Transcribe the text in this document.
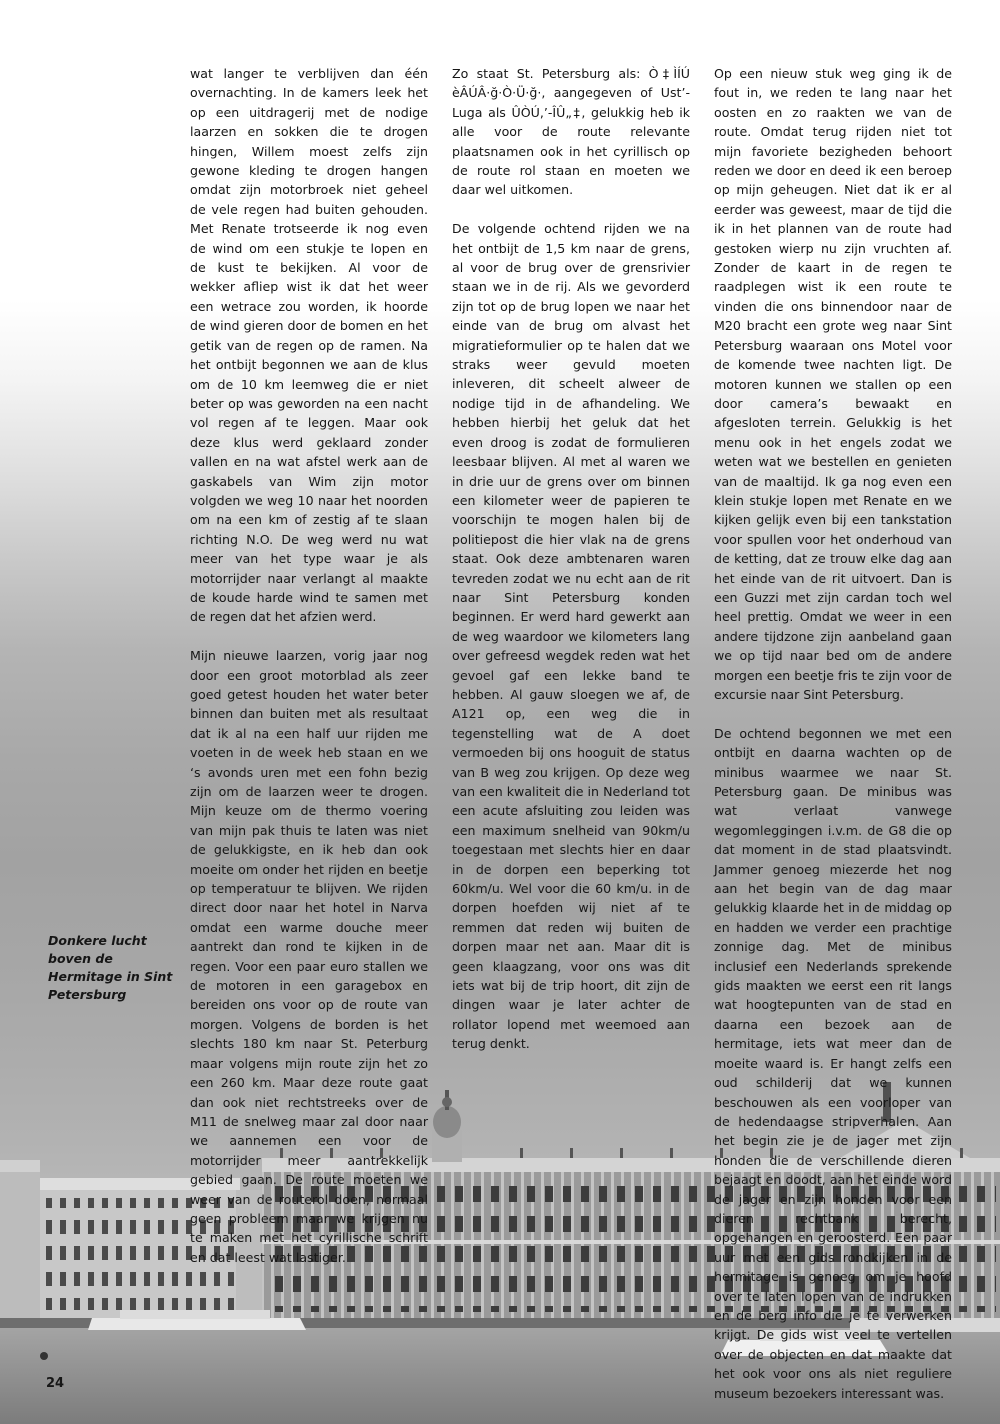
wat langer te verblijven dan één overnachting. In de kamers leek het op een uitdragerij met de nodige laarzen en sokken die te drogen hingen, Willem moest zelfs zijn gewone kleding te drogen hangen omdat zijn motorbroek niet geheel de vele regen had buiten gehouden. Met Renate trotseerde ik nog even de wind om een stukje te lopen en de kust te bekijken. Al voor de wekker afliep wist ik dat het weer een wetrace zou worden, ik hoorde de wind gieren door de bomen en het getik van de regen op de ramen. Na het ontbijt begonnen we aan de klus om de 10 km leemweg die er niet beter op was geworden na een nacht vol regen af te leggen. Maar ook deze klus werd geklaard zonder vallen en na wat afstel werk aan de gaskabels van Wim zijn motor volgden we weg 10 naar het noorden om na een km of zestig af te slaan richting N.O. De weg werd nu wat meer van het type waar je als motorrijder naar verlangt al maakte de koude harde wind te samen met de regen dat het afzien werd.

Mijn nieuwe laarzen, vorig jaar nog door een groot motorblad als zeer goed getest houden het water beter binnen dan buiten met als resultaat dat ik al na een half uur rijden me voeten in de week heb staan en we ‘s avonds uren met een fohn bezig zijn om de laarzen weer te drogen. Mijn keuze om de thermo voering van mijn pak thuis te laten was niet de gelukkigste, en ik heb dan ook moeite om onder het rijden en beetje op temperatuur te blijven. We rijden direct door naar het hotel in Narva omdat een warme douche meer aantrekt dan rond te kijken in de regen. Voor een paar euro stallen we de motoren in een garagebox en bereiden ons voor op de route van morgen. Volgens de borden is het slechts 180 km naar St. Peterburg maar volgens mijn route zijn het zo een 260 km. Maar deze route gaat dan ook niet rechtstreeks over de M11 de snelweg maar zal door naar we aannemen een voor de motorrijder meer aantrekkelijk gebied gaan. De route moeten we weer van de routerol doen, normaal geen probleem maar we krijgen nu te maken met het cyrillische schrift en dat leest wat lastiger.

Zo staat St. Petersburg als: Ò‡ÌÍÚ èÂÚÂ·ğ·Ò·Ü·ğ·, aangegeven of Ust’-Luga als ÛÒÚ,’-ÎÛ„‡, gelukkig heb ik alle voor de route relevante plaatsnamen ook in het cyrillisch op de route rol staan en moeten we daar wel uitkomen.

De volgende ochtend rijden we na het ontbijt de 1,5 km naar de grens, al voor de brug over de grensrivier staan we in de rij. Als we gevorderd zijn tot op de brug lopen we naar het einde van de brug om alvast het migratieformulier op te halen dat we straks weer gevuld moeten inleveren, dit scheelt alweer de nodige tijd in de afhandeling. We hebben hierbij het geluk dat het even droog is zodat de formulieren leesbaar blijven. Al met al waren we in drie uur de grens over om binnen een kilometer weer de papieren te voorschijn te mogen halen bij de politiepost die hier vlak na de grens staat. Ook deze ambtenaren waren tevreden zodat we nu echt aan de rit naar Sint Petersburg konden beginnen. Er werd hard gewerkt aan de weg waardoor we kilometers lang over gefreesd wegdek reden wat het gevoel gaf een lekke band te hebben. Al gauw sloegen we af, de A121 op, een weg die in tegenstelling wat de A doet vermoeden bij ons hooguit de status van B weg zou krijgen. Op deze weg van een kwaliteit die in Nederland tot een acute afsluiting zou leiden was een maximum snelheid van 90km/u toegestaan met slechts hier en daar in de dorpen een beperking tot 60km/u. Wel voor die 60 km/u. in de dorpen hoefden wij niet af te remmen dat reden wij buiten de dorpen maar net aan. Maar dit is geen klaagzang, voor ons was dit iets wat bij de trip hoort, dit zijn de dingen waar je later achter de rollator lopend met weemoed aan terug denkt.

Op een nieuw stuk weg ging ik de fout in, we reden te lang naar het oosten en zo raakten we van de route. Omdat terug rijden niet tot mijn favoriete bezigheden behoort reden we door en deed ik een beroep op mijn geheugen. Niet dat ik er al eerder was geweest, maar de tijd die ik in het plannen van de route had gestoken wierp nu zijn vruchten af. Zonder de kaart in de regen te raadplegen wist ik een route te vinden die ons binnendoor naar de M20 bracht een grote weg naar Sint Petersburg waaraan ons Motel voor de komende twee nachten ligt. De motoren kunnen we stallen op een door camera’s bewaakt en afgesloten terrein. Gelukkig is het menu ook in het engels zodat we weten wat we bestellen en genieten van de maaltijd. Ik ga nog even een klein stukje lopen met Renate en we kijken gelijk even bij een tankstation voor spullen voor het onderhoud van de ketting, dat ze trouw elke dag aan het einde van de rit uitvoert. Dan is een Guzzi met zijn cardan toch wel heel prettig. Omdat we weer in een andere tijdzone zijn aanbeland gaan we op tijd naar bed om de andere morgen een beetje fris te zijn voor de excursie naar Sint Petersburg.

De ochtend begonnen we met een ontbijt en daarna wachten op de minibus waarmee we naar St. Petersburg gaan. De minibus was wat verlaat vanwege wegomleggingen i.v.m. de G8 die op dat moment in de stad plaatsvindt. Jammer genoeg miezerde het nog aan het begin van de dag maar gelukkig klaarde het in de middag op en hadden we verder een prachtige zonnige dag. Met de minibus inclusief een Nederlands sprekende gids maakten we eerst een rit langs wat hoogtepunten van de stad en daarna een bezoek aan de hermitage, iets wat meer dan de moeite waard is. Er hangt zelfs een oud schilderij dat we kunnen beschouwen als een voorloper van de hedendaagse stripverhalen. Aan het begin zie je de jager met zijn honden die de verschillende dieren bejaagt en doodt, aan het einde word de jager en zijn honden voor een dieren rechtbank berecht, opgehangen en geroosterd. Een paar uur met een gids rondkijken in de hermitage is genoeg om je hoofd over te laten lopen van de indrukken en de berg info die je te verwerken krijgt. De gids wist veel te vertellen over de objecten en dat maakte dat het ook voor ons als niet reguliere museum bezoekers interessant was.

Donkere lucht boven de Hermitage in Sint Petersburg
24
